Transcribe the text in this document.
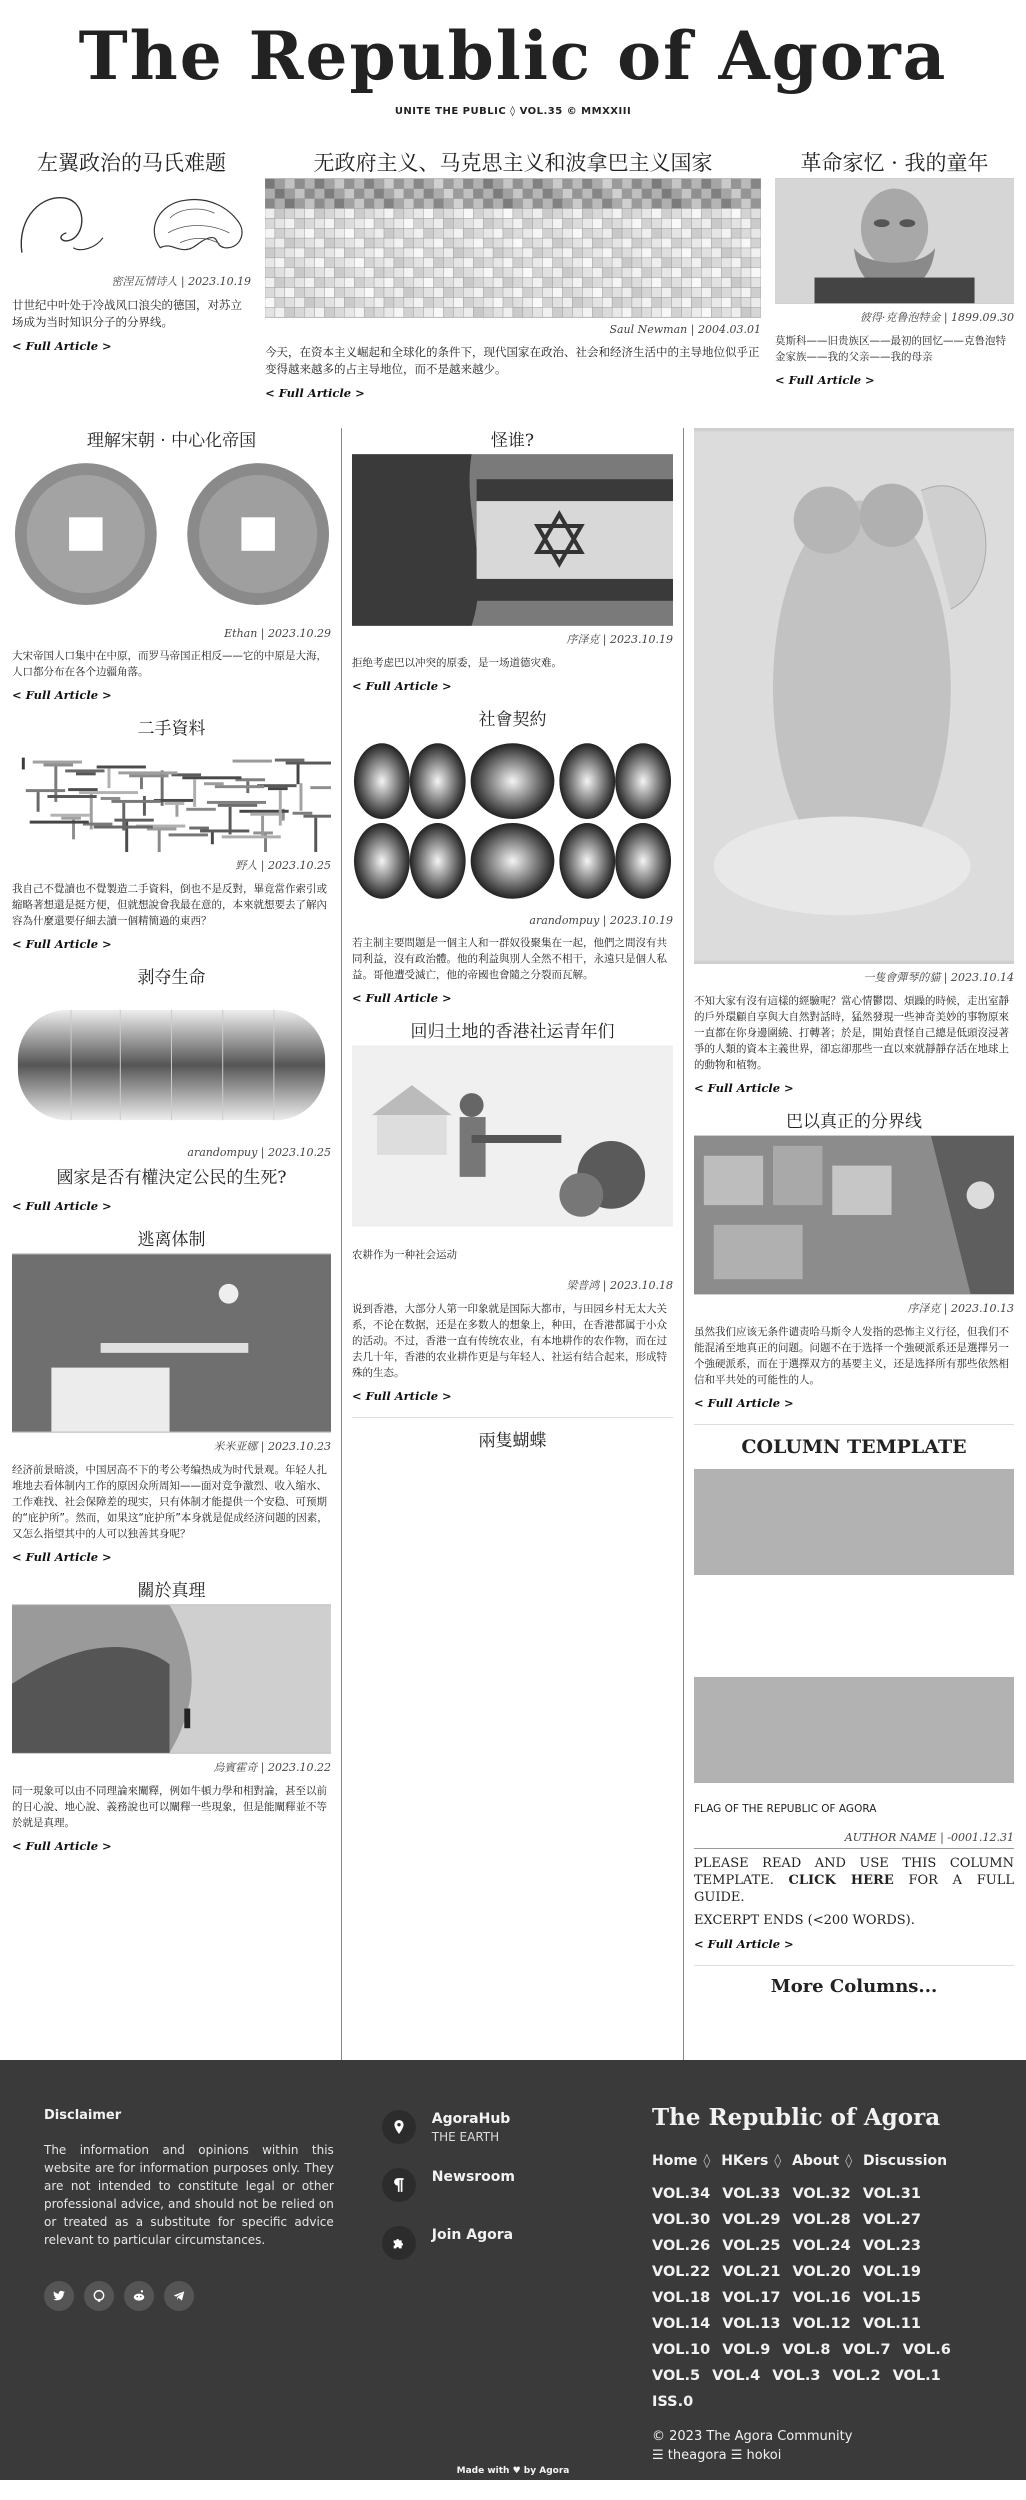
The Republic of Agora
UNITE THE PUBLIC ◊ VOL.35 © MMXXIII
左翼政治的马氏难题
密涅瓦情诗人 | 2023.10.19

廿世纪中叶处于冷战风口浪尖的德国，对苏立场成为当时知识分子的分界线。

< Full Article >
无政府主义、马克思主义和波拿巴主义国家
Saul Newman | 2004.03.01

今天，在资本主义崛起和全球化的条件下，现代国家在政治、社会和经济生活中的主导地位似乎正变得越来越多的占主导地位，而不是越来越少。

< Full Article >
革命家忆 · 我的童年
彼得·克鲁泡特金 | 1899.09.30

莫斯科——旧贵族区——最初的回忆——克鲁泡特金家族——我的父亲——我的母亲

< Full Article >
理解宋朝 · 中心化帝国
Ethan | 2023.10.29

大宋帝国人口集中在中原，而罗马帝国正相反——它的中原是大海，人口都分布在各个边疆角落。

< Full Article >
二手資料
野人 | 2023.10.25

我自己不覺讀也不覺製造二手資料，倒也不是反對，畢竟當作索引或縮略著想還是挺方便，但就想說會我最在意的，本來就想要去了解內容為什麼還要仔細去讀一個精簡過的東西？

< Full Article >
剥夺生命
arandompuy | 2023.10.25
國家是否有權決定公民的生死?
< Full Article >
逃离体制
米米亚娜 | 2023.10.23

经济前景暗淡，中国居高不下的考公考编热成为时代景观。年轻人扎堆地去看体制内工作的原因众所周知——面对竞争激烈、收入缩水、工作难找、社会保障差的现实，只有体制才能提供一个安稳、可预期的“庇护所”。然而，如果这“庇护所”本身就是促成经济问题的因素，又怎么指望其中的人可以独善其身呢？

< Full Article >
關於真理
烏賓霍奇 | 2023.10.22

同一現象可以由不同理論來闡釋，例如牛頓力學和相對論，甚至以前的日心說、地心說、義務說也可以闡釋一些現象，但是能闡釋並不等於就是真理。

< Full Article >
怪谁?
序泽克 | 2023.10.19

拒绝考虑巴以冲突的原委，是一场道德灾难。

< Full Article >
社會契約
arandompuy | 2023.10.19

若主制主要問題是一個主人和一群奴役聚集在一起，他們之間沒有共同利益，沒有政治體。他的利益與別人全然不相干，永遠只是個人私益。哥他遭受滅亡，他的帝國也會隨之分裂而瓦解。

< Full Article >
回归土地的香港社运青年们

农耕作为一种社会运动

梁普鸿 | 2023.10.18

说到香港，大部分人第一印象就是国际大都市，与田园乡村无太大关系，不论在数据，还是在多数人的想象上，种田，在香港都属于小众的活动。不过，香港一直有传统农业，有本地耕作的农作物，而在过去几十年，香港的农业耕作更是与年轻人、社运有结合起来，形成特殊的生态。

< Full Article >
兩隻蝴蝶
一隻會彈琴的貓 | 2023.10.14

不知大家有沒有這樣的經驗呢？當心情鬱悶、煩躁的時候，走出室靜的戶外環顧自享與大自然對話時，猛然發現一些神奇美妙的事物原來一直都在你身邊圍繞、打轉著；於是，開始責怪自己總是低頭沒浸著爭的人類的資本主義世界，卻忘卻那些一直以來就靜靜存活在地球上的動物和植物。

< Full Article >
巴以真正的分界线
序泽克 | 2023.10.13

虽然我们应该无条件谴责哈马斯令人发指的恐怖主义行径，但我们不能混淆至地真正的问题。问题不在于选择一个強硬派系还是選擇另一个強硬派系，而在于選擇双方的基要主义，还是选择所有那些依然相信和平共处的可能性的人。

< Full Article >
COLUMN TEMPLATE

FLAG OF THE REPUBLIC OF AGORA

AUTHOR NAME | -0001.12.31

PLEASE READ AND USE THIS COLUMN TEMPLATE. CLICK HERE FOR A FULL GUIDE.

EXCERPT ENDS (<200 WORDS).

< Full Article >
More Columns...
Disclaimer

The information and opinions within this website are for information purposes only. They are not intended to constitute legal or other professional advice, and should not be relied on or treated as a substitute for specific advice relevant to particular circumstances.

AgoraHub
THE EARTH
Newsroom
Join Agora
The Republic of Agora
Home ◊ HKers ◊ About ◊ Discussion
VOL.34 VOL.33 VOL.32 VOL.31
VOL.30 VOL.29 VOL.28 VOL.27
VOL.26 VOL.25 VOL.24 VOL.23
VOL.22 VOL.21 VOL.20 VOL.19
VOL.18 VOL.17 VOL.16 VOL.15
VOL.14 VOL.13 VOL.12 VOL.11
VOL.10 VOL.9 VOL.8 VOL.7 VOL.6
VOL.5 VOL.4 VOL.3 VOL.2 VOL.1
ISS.0
© 2023 The Agora Community
☰ theagora ☰ hokoi
Made with ♥ by Agora
